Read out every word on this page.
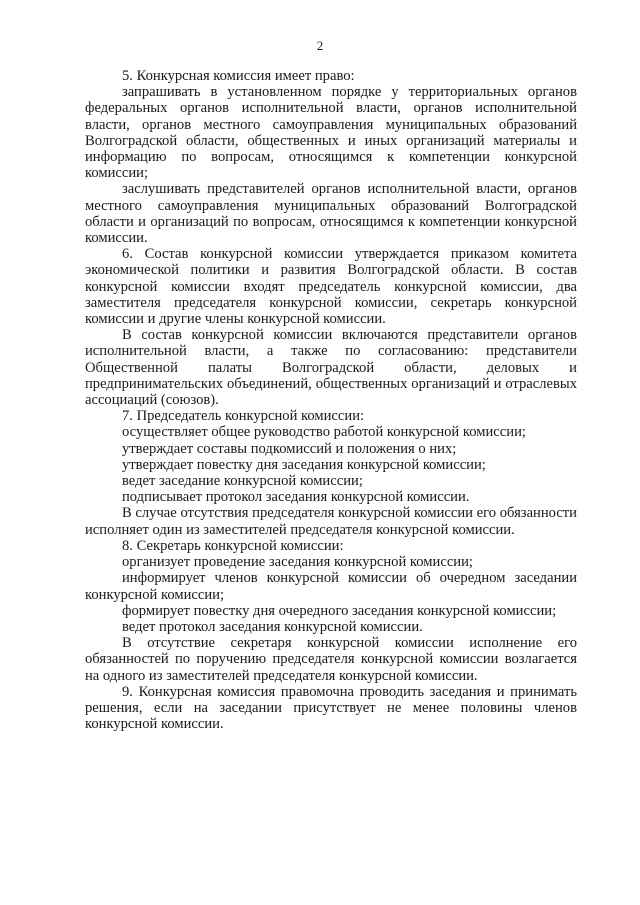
2

5. Конкурсная комиссия имеет право:

запрашивать в установленном порядке у территориальных органов федеральных органов исполнительной власти, органов исполнительной власти, органов местного самоуправления муниципальных образований Волгоградской области, общественных и иных организаций материалы и информацию по вопросам, относящимся к компетенции конкурсной комиссии;

заслушивать представителей органов исполнительной власти, органов местного самоуправления муниципальных образований Волгоградской области и организаций по вопросам, относящимся к компетенции конкурсной комиссии.

6. Состав конкурсной комиссии утверждается приказом комитета экономической политики и развития Волгоградской области. В состав конкурсной комиссии входят председатель конкурсной комиссии, два заместителя председателя конкурсной комиссии, секретарь конкурсной комиссии и другие члены конкурсной комиссии.

В состав конкурсной комиссии включаются представители органов исполнительной власти, а также по согласованию: представители Общественной палаты Волгоградской области, деловых и предпринимательских объединений, общественных организаций и отраслевых ассоциаций (союзов).

7. Председатель конкурсной комиссии:

осуществляет общее руководство работой конкурсной комиссии;

утверждает составы подкомиссий и положения о них;

утверждает повестку дня заседания конкурсной комиссии;

ведет заседание конкурсной комиссии;

подписывает протокол заседания конкурсной комиссии.

В случае отсутствия председателя конкурсной комиссии его обязанности исполняет один из заместителей председателя конкурсной комиссии.

8. Секретарь конкурсной комиссии:

организует проведение заседания конкурсной комиссии;

информирует членов конкурсной комиссии об очередном заседании конкурсной комиссии;

формирует повестку дня очередного заседания конкурсной комиссии;

ведет протокол заседания конкурсной комиссии.

В отсутствие секретаря конкурсной комиссии исполнение его обязанностей по поручению председателя конкурсной комиссии возлагается на одного из заместителей председателя конкурсной комиссии.

9. Конкурсная комиссия правомочна проводить заседания и принимать решения, если на заседании присутствует не менее половины членов конкурсной комиссии.
